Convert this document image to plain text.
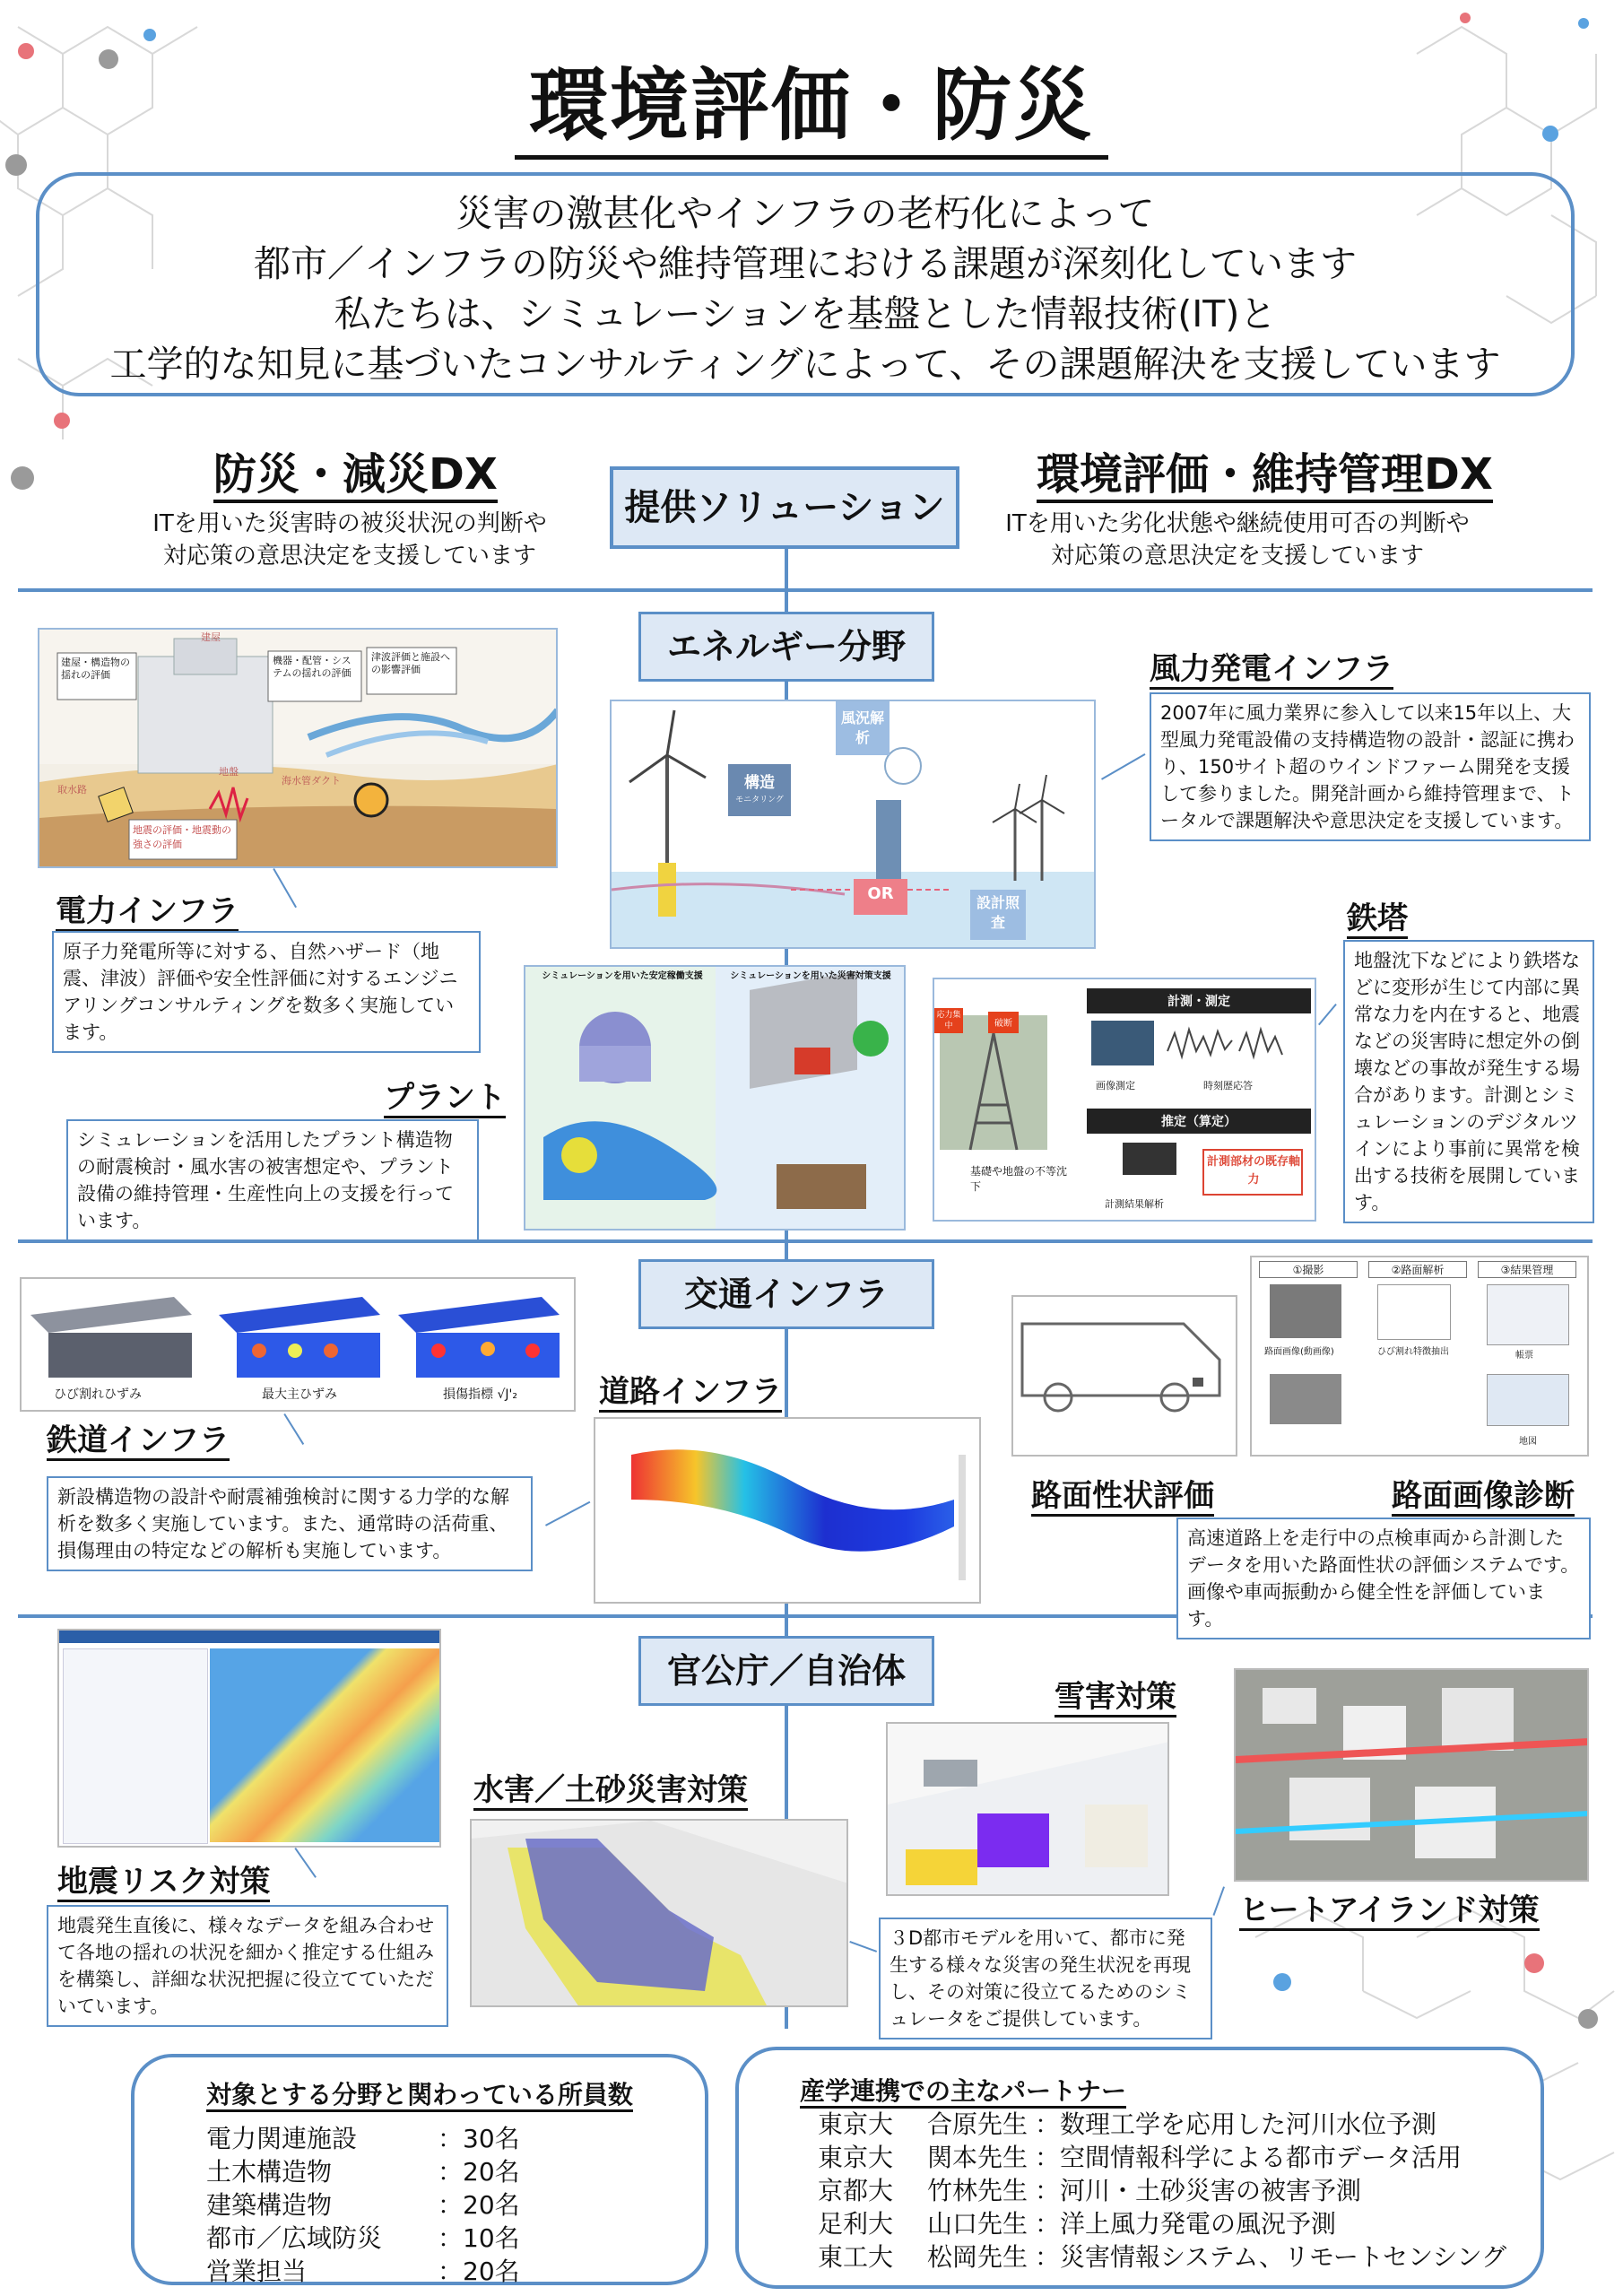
環境評価・防災
災害の激甚化やインフラの老朽化によって
都市／インフラの防災や維持管理における課題が深刻化しています
私たちは、シミュレーションを基盤とした情報技術(IT)と
工学的な知見に基づいたコンサルティングによって、その課題解決を支援しています
防災・減災DX
ITを用いた災害時の被災状況の判断や
対応策の意思決定を支援しています
環境評価・維持管理DX
ITを用いた劣化状態や継続使用可否の判断や
対応策の意思決定を支援しています
提供ソリューション
エネルギー分野
建屋・構造物の揺れの評価
機器・配管・システムの揺れの評価
津波評価と施設への影響評価
建屋
海水管ダクト
取水路
地盤
地震の評価・地震動の強さの評価
電力インフラ
原子力発電所等に対する、自然ハザード（地震、津波）評価や安全性評価に対するエンジニアリングコンサルティングを数多く実施しています。
風況解析
構造
モニタリング
OR	設計照査
風力発電インフラ
2007年に風力業界に参入して以来15年以上、大型風力発電設備の支持構造物の設計・認証に携わり、150サイト超のウインドファーム開発を支援して参りました。開発計画から維持管理まで、トータルで課題解決や意思決定を支援しています。
シミュレーションを用いた安定稼働支援	シミュレーションを用いた災害対策支援
プラント
シミュレーションを活用したプラント構造物の耐震検討・風水害の被害想定や、プラント設備の維持管理・生産性向上の支援を行っています。
応力集中	破断
計測・測定
画像測定	時刻歴応答
推定（算定）
計測部材の既存軸力
基礎や地盤の不等沈下
計測結果解析
鉄塔
地盤沈下などにより鉄塔などに変形が生じて内部に異常な力を内在すると、地震などの災害時に想定外の倒壊などの事故が発生する場合があります。計測とシミュレーションのデジタルツインにより事前に異常を検出する技術を展開しています。
交通インフラ
ひび割れひずみ	最大主ひずみ	損傷指標 √J'₂
鉄道インフラ
新設構造物の設計や耐震補強検討に関する力学的な解析を数多く実施しています。また、通常時の活荷重、損傷理由の特定などの解析も実施しています。
道路インフラ
①撮影	②路面解析	③結果管理
路面画像(動画像)	ひび割れ特徴抽出	帳票
地図
路面性状評価	路面画像診断
高速道路上を走行中の点検車両から計測したデータを用いた路面性状の評価システムです。画像や車両振動から健全性を評価しています。
官公庁／自治体
地震リスク対策
地震発生直後に、様々なデータを組み合わせて各地の揺れの状況を細かく推定する仕組みを構築し、詳細な状況把握に役立てていただいています。
水害／土砂災害対策
雪害対策
ヒートアイランド対策
３D都市モデルを用いて、都市に発生する様々な災害の発生状況を再現し、その対策に役立てるためのシミュレータをご提供しています。
対象とする分野と関わっている所員数
電力関連施設	：30名
土木構造物	：20名
建築構造物	：20名
都市／広域防災 ：10名
営業担当	：20名
産学連携での主なパートナー
東京大 合原先生 ：数理工学を応用した河川水位予測
東京大 関本先生 ：空間情報科学による都市データ活用
京都大 竹林先生 ：河川・土砂災害の被害予測
足利大 山口先生 ：洋上風力発電の風況予測
東工大 松岡先生 ：災害情報システム、リモートセンシング
